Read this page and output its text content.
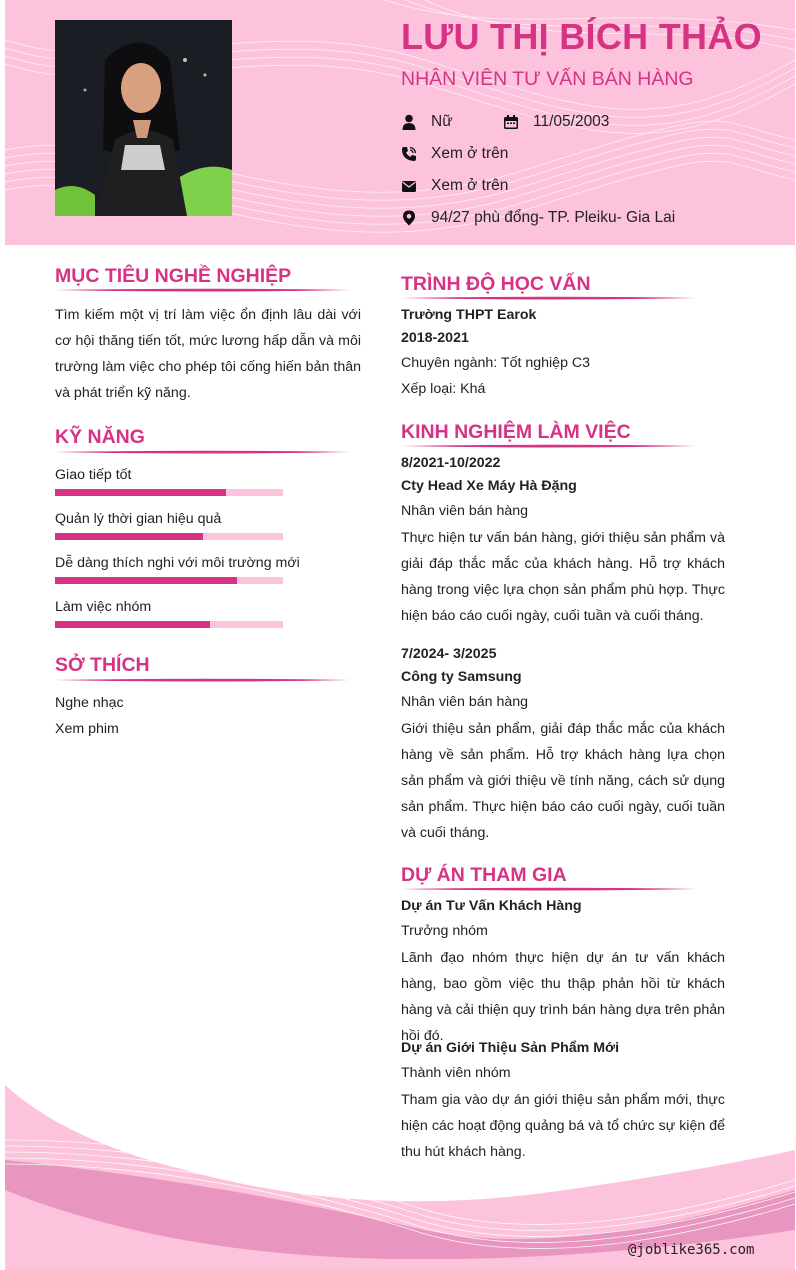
LƯU THỊ BÍCH THẢO
NHÂN VIÊN TƯ VẤN BÁN HÀNG
Nữ	11/05/2003
Xem ở trên
Xem ở trên
94/27 phù đổng- TP. Pleiku- Gia Lai
MỤC TIÊU NGHỀ NGHIỆP
Tìm kiếm một vị trí làm việc ổn định lâu dài với cơ hội thăng tiến tốt, mức lương hấp dẫn và môi trường làm việc cho phép tôi cống hiến bản thân và phát triển kỹ năng.
KỸ NĂNG
Giao tiếp tốt
Quản lý thời gian hiệu quả
Dễ dàng thích nghi với môi trường mới
Làm việc nhóm
SỞ THÍCH
Nghe nhạc
Xem phim
TRÌNH ĐỘ HỌC VẤN
Trường THPT Earok
2018-2021
Chuyên ngành: Tốt nghiệp C3
Xếp loại: Khá
KINH NGHIỆM LÀM VIỆC
8/2021-10/2022
Cty Head Xe Máy Hà Đặng
Nhân viên bán hàng
Thực hiện tư vấn bán hàng, giới thiệu sản phẩm và giải đáp thắc mắc của khách hàng. Hỗ trợ khách hàng trong việc lựa chọn sản phẩm phù hợp. Thực hiện báo cáo cuối ngày, cuối tuần và cuối tháng.
7/2024- 3/2025
Công ty Samsung
Nhân viên bán hàng
Giới thiệu sản phẩm, giải đáp thắc mắc của khách hàng về sản phẩm. Hỗ trợ khách hàng lựa chọn sản phẩm và giới thiệu về tính năng, cách sử dụng sản phẩm. Thực hiện báo cáo cuối ngày, cuối tuần và cuối tháng.
DỰ ÁN THAM GIA
Dự án Tư Vấn Khách Hàng
Trưởng nhóm
Lãnh đạo nhóm thực hiện dự án tư vấn khách hàng, bao gồm việc thu thập phản hồi từ khách hàng và cải thiện quy trình bán hàng dựa trên phản hồi đó.
Dự án Giới Thiệu Sản Phẩm Mới
Thành viên nhóm
Tham gia vào dự án giới thiệu sản phẩm mới, thực hiện các hoạt động quảng bá và tổ chức sự kiện để thu hút khách hàng.
@joblike365.com
